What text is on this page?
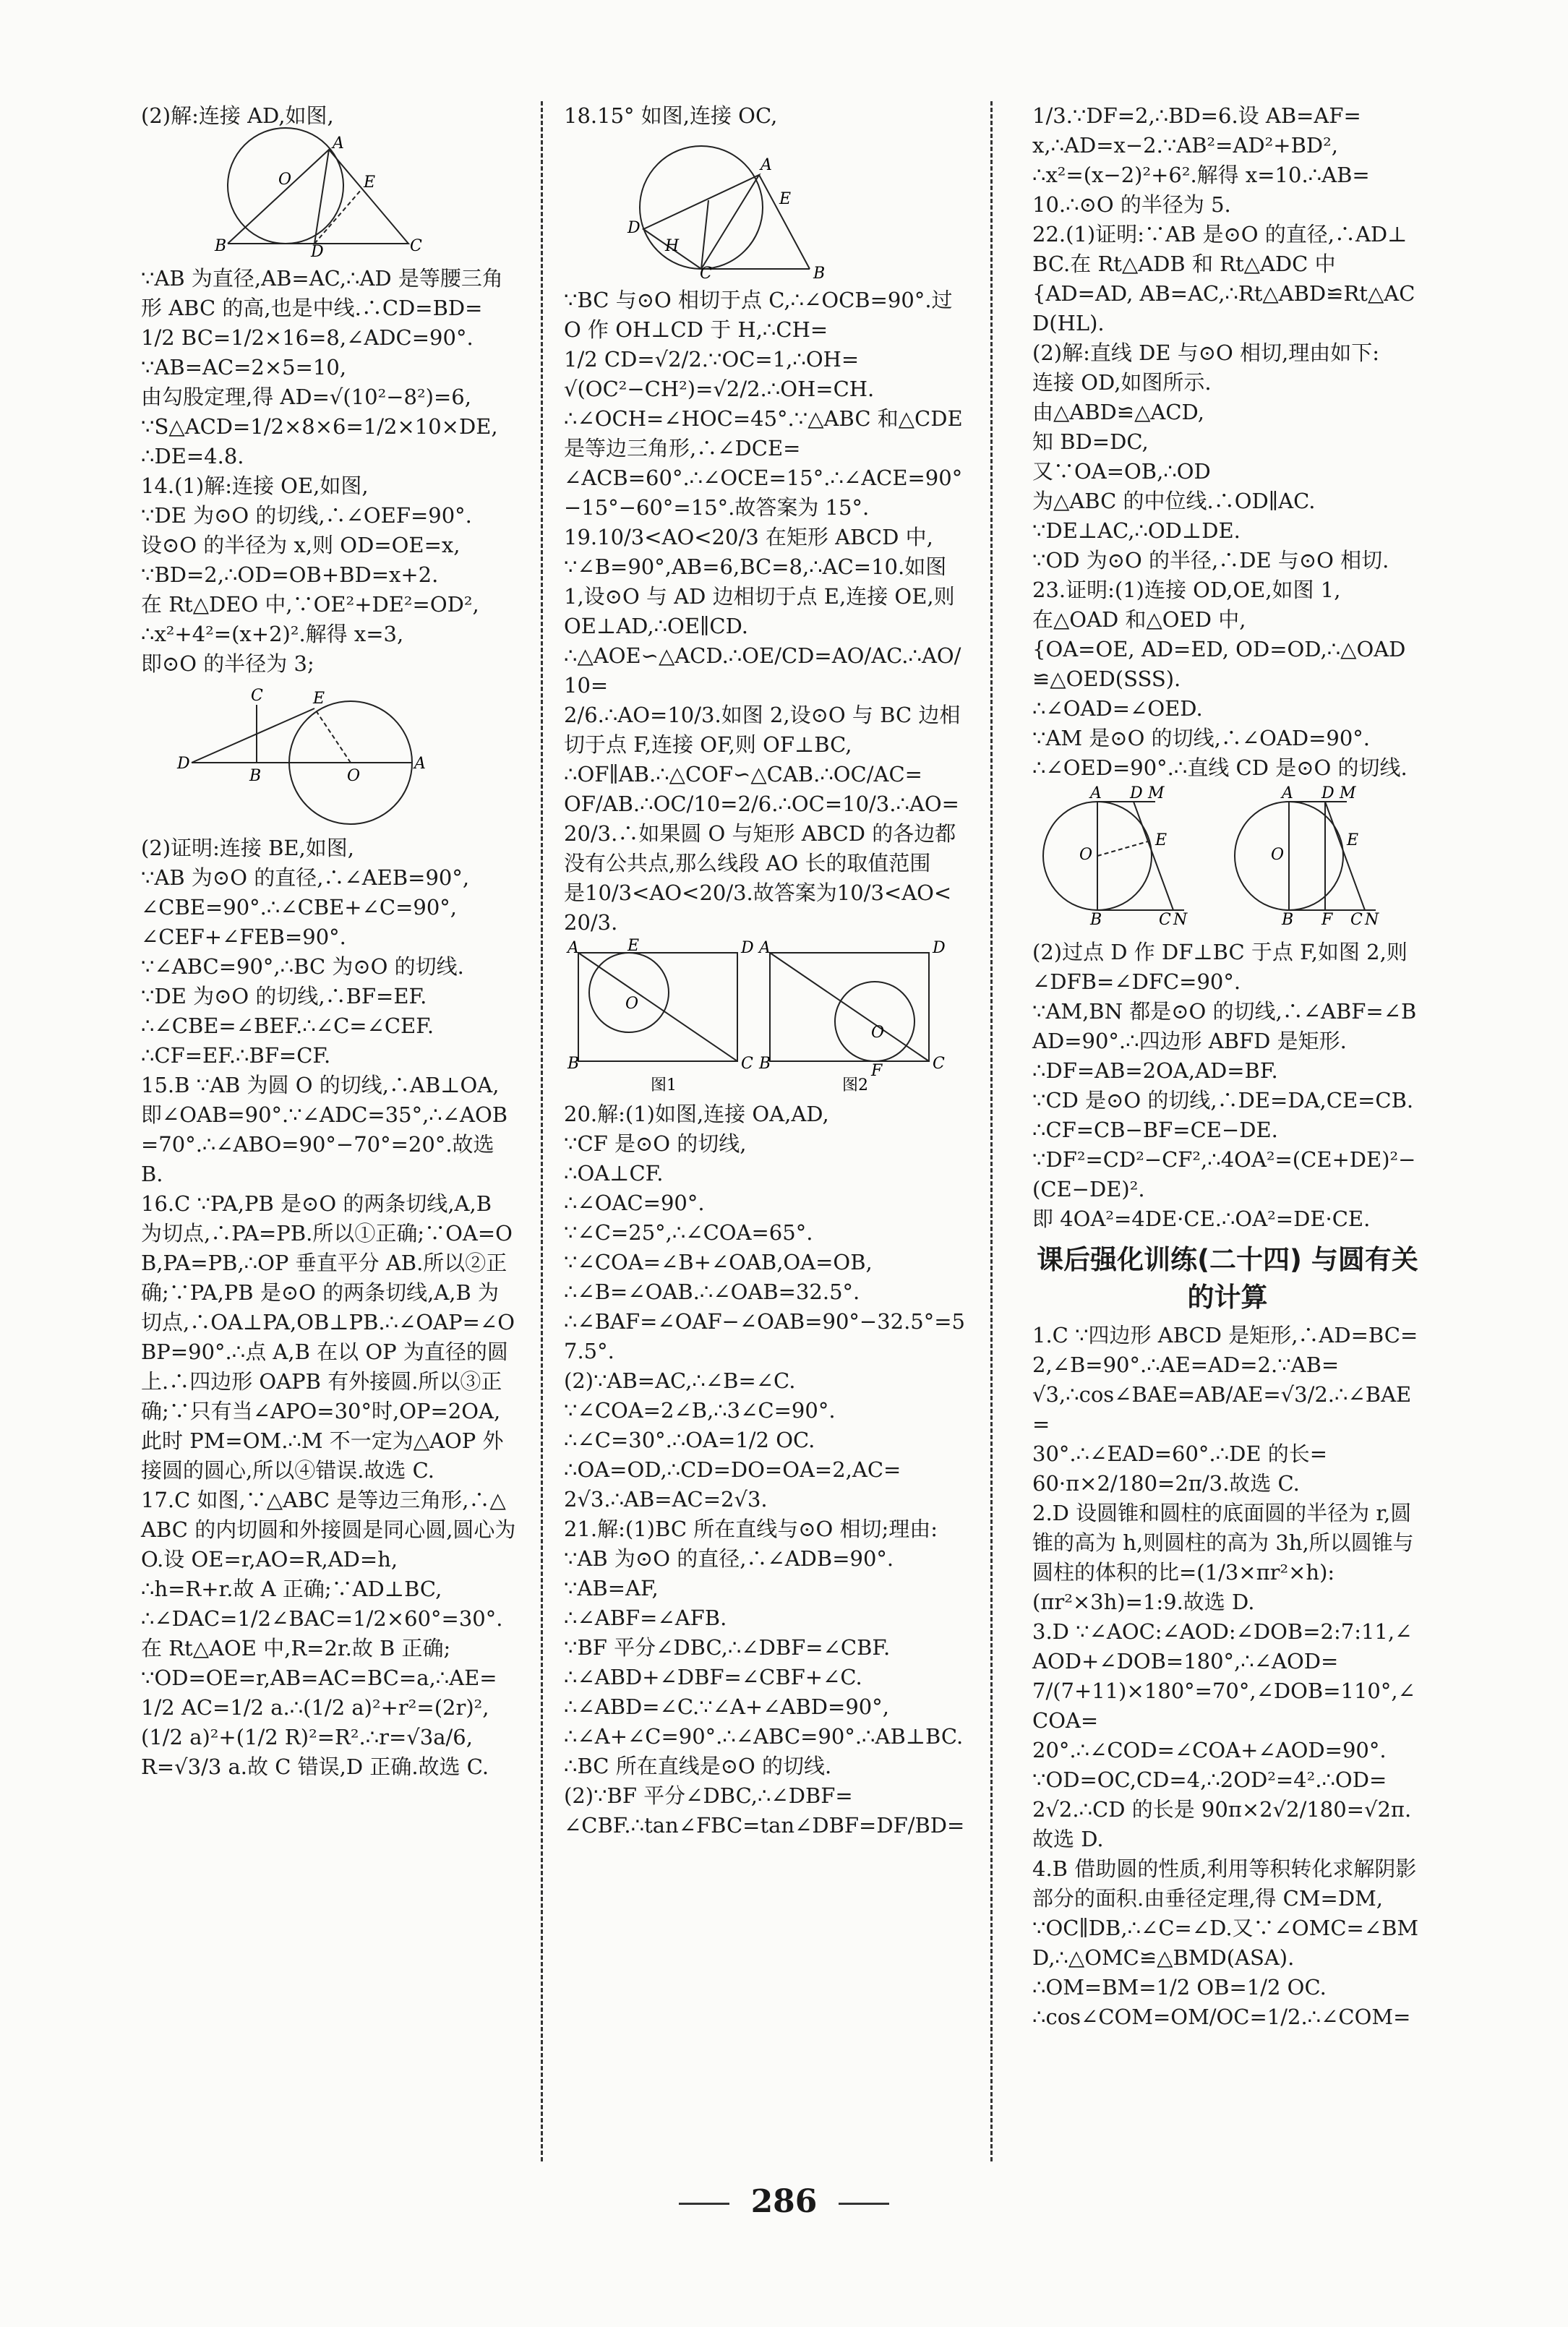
(2)解:连接 AD,如图,

A
E
B	D	C
O

∵AB 为直径,AB=AC,∴AD 是等腰三角形 ABC 的高,也是中线.∴CD=BD=

1/2 BC=1/2×16=8,∠ADC=90°.

∵AB=AC=2×5=10,

由勾股定理,得 AD=√(10²−8²)=6,

∵S△ACD=1/2×8×6=1/2×10×DE,

∴DE=4.8.

14.(1)解:连接 OE,如图,

∵DE 为⊙O 的切线,∴∠OEF=90°.

设⊙O 的半径为 x,则 OD=OE=x,

∵BD=2,∴OD=OB+BD=x+2.

在 Rt△DEO 中,∵OE²+DE²=OD²,

∴x²+4²=(x+2)².解得 x=3,

即⊙O 的半径为 3;

C	E
D
B	O
A

(2)证明:连接 BE,如图,

∵AB 为⊙O 的直径,∴∠AEB=90°,

∠CBE=90°.∴∠CBE+∠C=90°,

∠CEF+∠FEB=90°.

∵∠ABC=90°,∴BC 为⊙O 的切线.

∵DE 为⊙O 的切线,∴BF=EF.

∴∠CBE=∠BEF.∴∠C=∠CEF.

∴CF=EF.∴BF=CF.

15.B ∵AB 为圆 O 的切线,∴AB⊥OA,即∠OAB=90°.∵∠ADC=35°,∴∠AOB=70°.∴∠ABO=90°−70°=20°.故选 B.

16.C ∵PA,PB 是⊙O 的两条切线,A,B 为切点,∴PA=PB.所以①正确;∵OA=OB,PA=PB,∴OP 垂直平分 AB.所以②正确;∵PA,PB 是⊙O 的两条切线,A,B 为切点,∴OA⊥PA,OB⊥PB.∴∠OAP=∠OBP=90°.∴点 A,B 在以 OP 为直径的圆上.∴四边形 OAPB 有外接圆.所以③正确;∵只有当∠APO=30°时,OP=2OA,此时 PM=OM.∴M 不一定为△AOP 外接圆的圆心,所以④错误.故选 C.

17.C 如图,∵△ABC 是等边三角形,∴△ABC 的内切圆和外接圆是同心圆,圆心为 O.设 OE=r,AO=R,AD=h,

∴h=R+r.故 A 正确;∵AD⊥BC,

∴∠DAC=1/2∠BAC=1/2×60°=30°.

在 Rt△AOE 中,R=2r.故 B 正确;

∵OD=OE=r,AB=AC=BC=a,∴AE=

1/2 AC=1/2 a.∴(1/2 a)²+r²=(2r)²,

(1/2 a)²+(1/2 R)²=R².∴r=√3a/6,

R=√3/3 a.故 C 错误,D 正确.故选 C.

18.15° 如图,连接 OC,

A
E
D
H
C	B

∵BC 与⊙O 相切于点 C,∴∠OCB=90°.过 O 作 OH⊥CD 于 H,∴CH=

1/2 CD=√2/2.∵OC=1,∴OH=

√(OC²−CH²)=√2/2.∴OH=CH.

∴∠OCH=∠HOC=45°.∵△ABC 和△CDE 是等边三角形,∴∠DCE=

∠ACB=60°.∴∠OCE=15°.∴∠ACE=90°−15°−60°=15°.故答案为 15°.

19.10/3<AO<20/3 在矩形 ABCD 中,

∵∠B=90°,AB=6,BC=8,∴AC=10.如图 1,设⊙O 与 AD 边相切于点 E,连接 OE,则 OE⊥AD,∴OE∥CD.

∴△AOE∽△ACD.∴OE/CD=AO/AC.∴AO/10=

2/6.∴AO=10/3.如图 2,设⊙O 与 BC 边相切于点 F,连接 OF,则 OF⊥BC,

∴OF∥AB.∴△COF∽△CAB.∴OC/AC=

OF/AB.∴OC/10=2/6.∴OC=10/3.∴AO=

20/3.∴如果圆 O 与矩形 ABCD 的各边都没有公共点,那么线段 AO 长的取值范围

是10/3<AO<20/3.故答案为10/3<AO<

20/3.

A	E	D
B	C
O
A	D
B	C
F
O
图1	图2

20.解:(1)如图,连接 OA,AD,

∵CF 是⊙O 的切线,

∴OA⊥CF.

∴∠OAC=90°.

∵∠C=25°,∴∠COA=65°.

∵∠COA=∠B+∠OAB,OA=OB,

∴∠B=∠OAB.∴∠OAB=32.5°.

∴∠BAF=∠OAF−∠OAB=90°−32.5°=57.5°.

(2)∵AB=AC,∴∠B=∠C.

∵∠COA=2∠B,∴3∠C=90°.

∴∠C=30°.∴OA=1/2 OC.

∴OA=OD,∴CD=DO=OA=2,AC=

2√3.∴AB=AC=2√3.

21.解:(1)BC 所在直线与⊙O 相切;理由:

∵AB 为⊙O 的直径,∴∠ADB=90°.

∵AB=AF,

∴∠ABF=∠AFB.

∵BF 平分∠DBC,∴∠DBF=∠CBF.

∴∠ABD+∠DBF=∠CBF+∠C.

∴∠ABD=∠C.∵∠A+∠ABD=90°,

∴∠A+∠C=90°.∴∠ABC=90°.∴AB⊥BC.∴BC 所在直线是⊙O 的切线.

(2)∵BF 平分∠DBC,∴∠DBF=

∠CBF.∴tan∠FBC=tan∠DBF=DF/BD=

1/3.∵DF=2,∴BD=6.设 AB=AF=

x,∴AD=x−2.∵AB²=AD²+BD²,

∴x²=(x−2)²+6².解得 x=10.∴AB=

10.∴⊙O 的半径为 5.

22.(1)证明:∵AB 是⊙O 的直径,∴AD⊥BC.在 Rt△ADB 和 Rt△ADC 中

{AD=AD, AB=AC,∴Rt△ABD≌Rt△ACD(HL).

(2)解:直线 DE 与⊙O 相切,理由如下:

连接 OD,如图所示.

由△ABD≌△ACD,

知 BD=DC,

又∵OA=OB,∴OD

为△ABC 的中位线.∴OD∥AC.

∵DE⊥AC,∴OD⊥DE.

∵OD 为⊙O 的半径,∴DE 与⊙O 相切.

23.证明:(1)连接 OD,OE,如图 1,

在△OAD 和△OED 中,

{OA=OE, AD=ED, OD=OD,∴△OAD≌△OED(SSS).

∴∠OAD=∠OED.

∵AM 是⊙O 的切线,∴∠OAD=90°.

∴∠OED=90°.∴直线 CD 是⊙O 的切线.

A D M
O
E
B	C N
A D M
O
E
B F C N

(2)过点 D 作 DF⊥BC 于点 F,如图 2,则∠DFB=∠DFC=90°.

∵AM,BN 都是⊙O 的切线,∴∠ABF=∠BAD=90°.∴四边形 ABFD 是矩形.

∴DF=AB=2OA,AD=BF.

∵CD 是⊙O 的切线,∴DE=DA,CE=CB.∴CF=CB−BF=CE−DE.

∵DF²=CD²−CF²,∴4OA²=(CE+DE)²−(CE−DE)².

即 4OA²=4DE·CE.∴OA²=DE·CE.

课后强化训练(二十四) 与圆有关的计算

1.C ∵四边形 ABCD 是矩形,∴AD=BC=2,∠B=90°.∴AE=AD=2.∵AB=

√3,∴cos∠BAE=AB/AE=√3/2.∴∠BAE=

30°.∴∠EAD=60°.∴DE 的长=

60·π×2/180=2π/3.故选 C.

2.D 设圆锥和圆柱的底面圆的半径为 r,圆锥的高为 h,则圆柱的高为 3h,所以圆锥与

圆柱的体积的比=(1/3×πr²×h):

(πr²×3h)=1:9.故选 D.

3.D ∵∠AOC:∠AOD:∠DOB=2:7:11,∠AOD+∠DOB=180°,∴∠AOD=

7/(7+11)×180°=70°,∠DOB=110°,∠COA=

20°.∴∠COD=∠COA+∠AOD=90°.

∵OD=OC,CD=4,∴2OD²=4².∴OD=

2√2.∴CD 的长是 90π×2√2/180=√2π.故选 D.

4.B 借助圆的性质,利用等积转化求解阴影部分的面积.由垂径定理,得 CM=DM,

∵OC∥DB,∴∠C=∠D.又∵∠OMC=∠BMD,∴△OMC≌△BMD(ASA).

∴OM=BM=1/2 OB=1/2 OC.

∴cos∠COM=OM/OC=1/2.∴∠COM=

286
